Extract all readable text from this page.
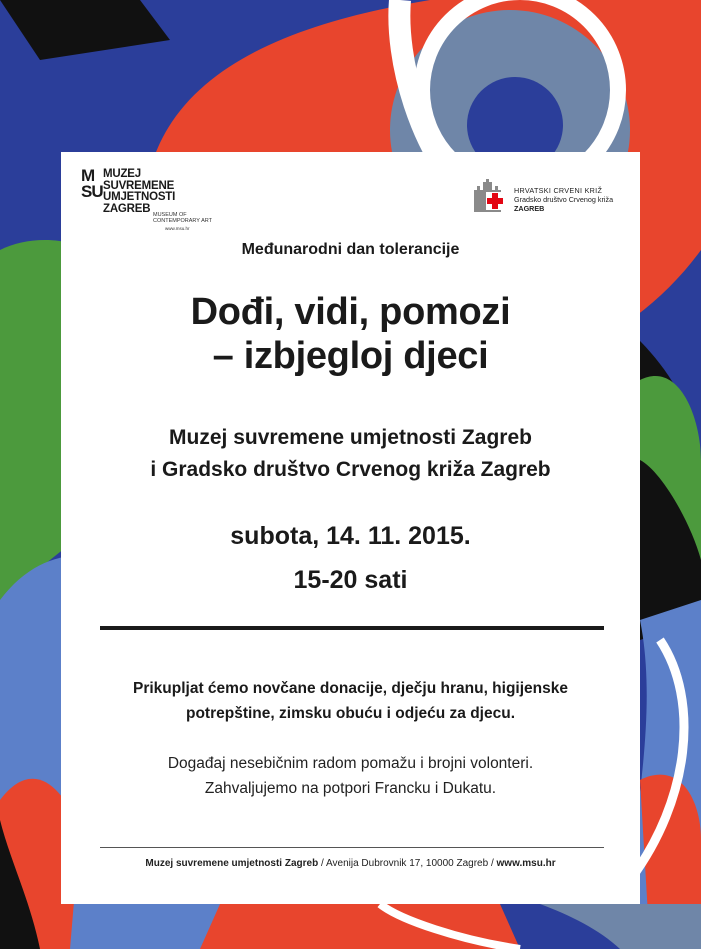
M
SU
MUZEJ
SUVREMENE
UMJETNOSTI
ZAGREB
MUSEUM OF CONTEMPORARY ART
www.msu.hr
HRVATSKI CRVENI KRIŽ
Gradsko društvo Crvenog križa
ZAGREB
Međunarodni dan tolerancije
Dođi, vidi, pomozi
– izbjegloj djeci
Muzej suvremene umjetnosti Zagreb
i Gradsko društvo Crvenog križa Zagreb
subota, 14. 11. 2015.
15-20 sati
Prikupljat ćemo novčane donacije, dječju hranu, higijenske
potrepštine, zimsku obuću i odjeću za djecu.
Događaj nesebičnim radom pomažu i brojni volonteri.
Zahvaljujemo na potpori Francku i Dukatu.
Muzej suvremene umjetnosti Zagreb / Avenija Dubrovnik 17, 10000 Zagreb / www.msu.hr
